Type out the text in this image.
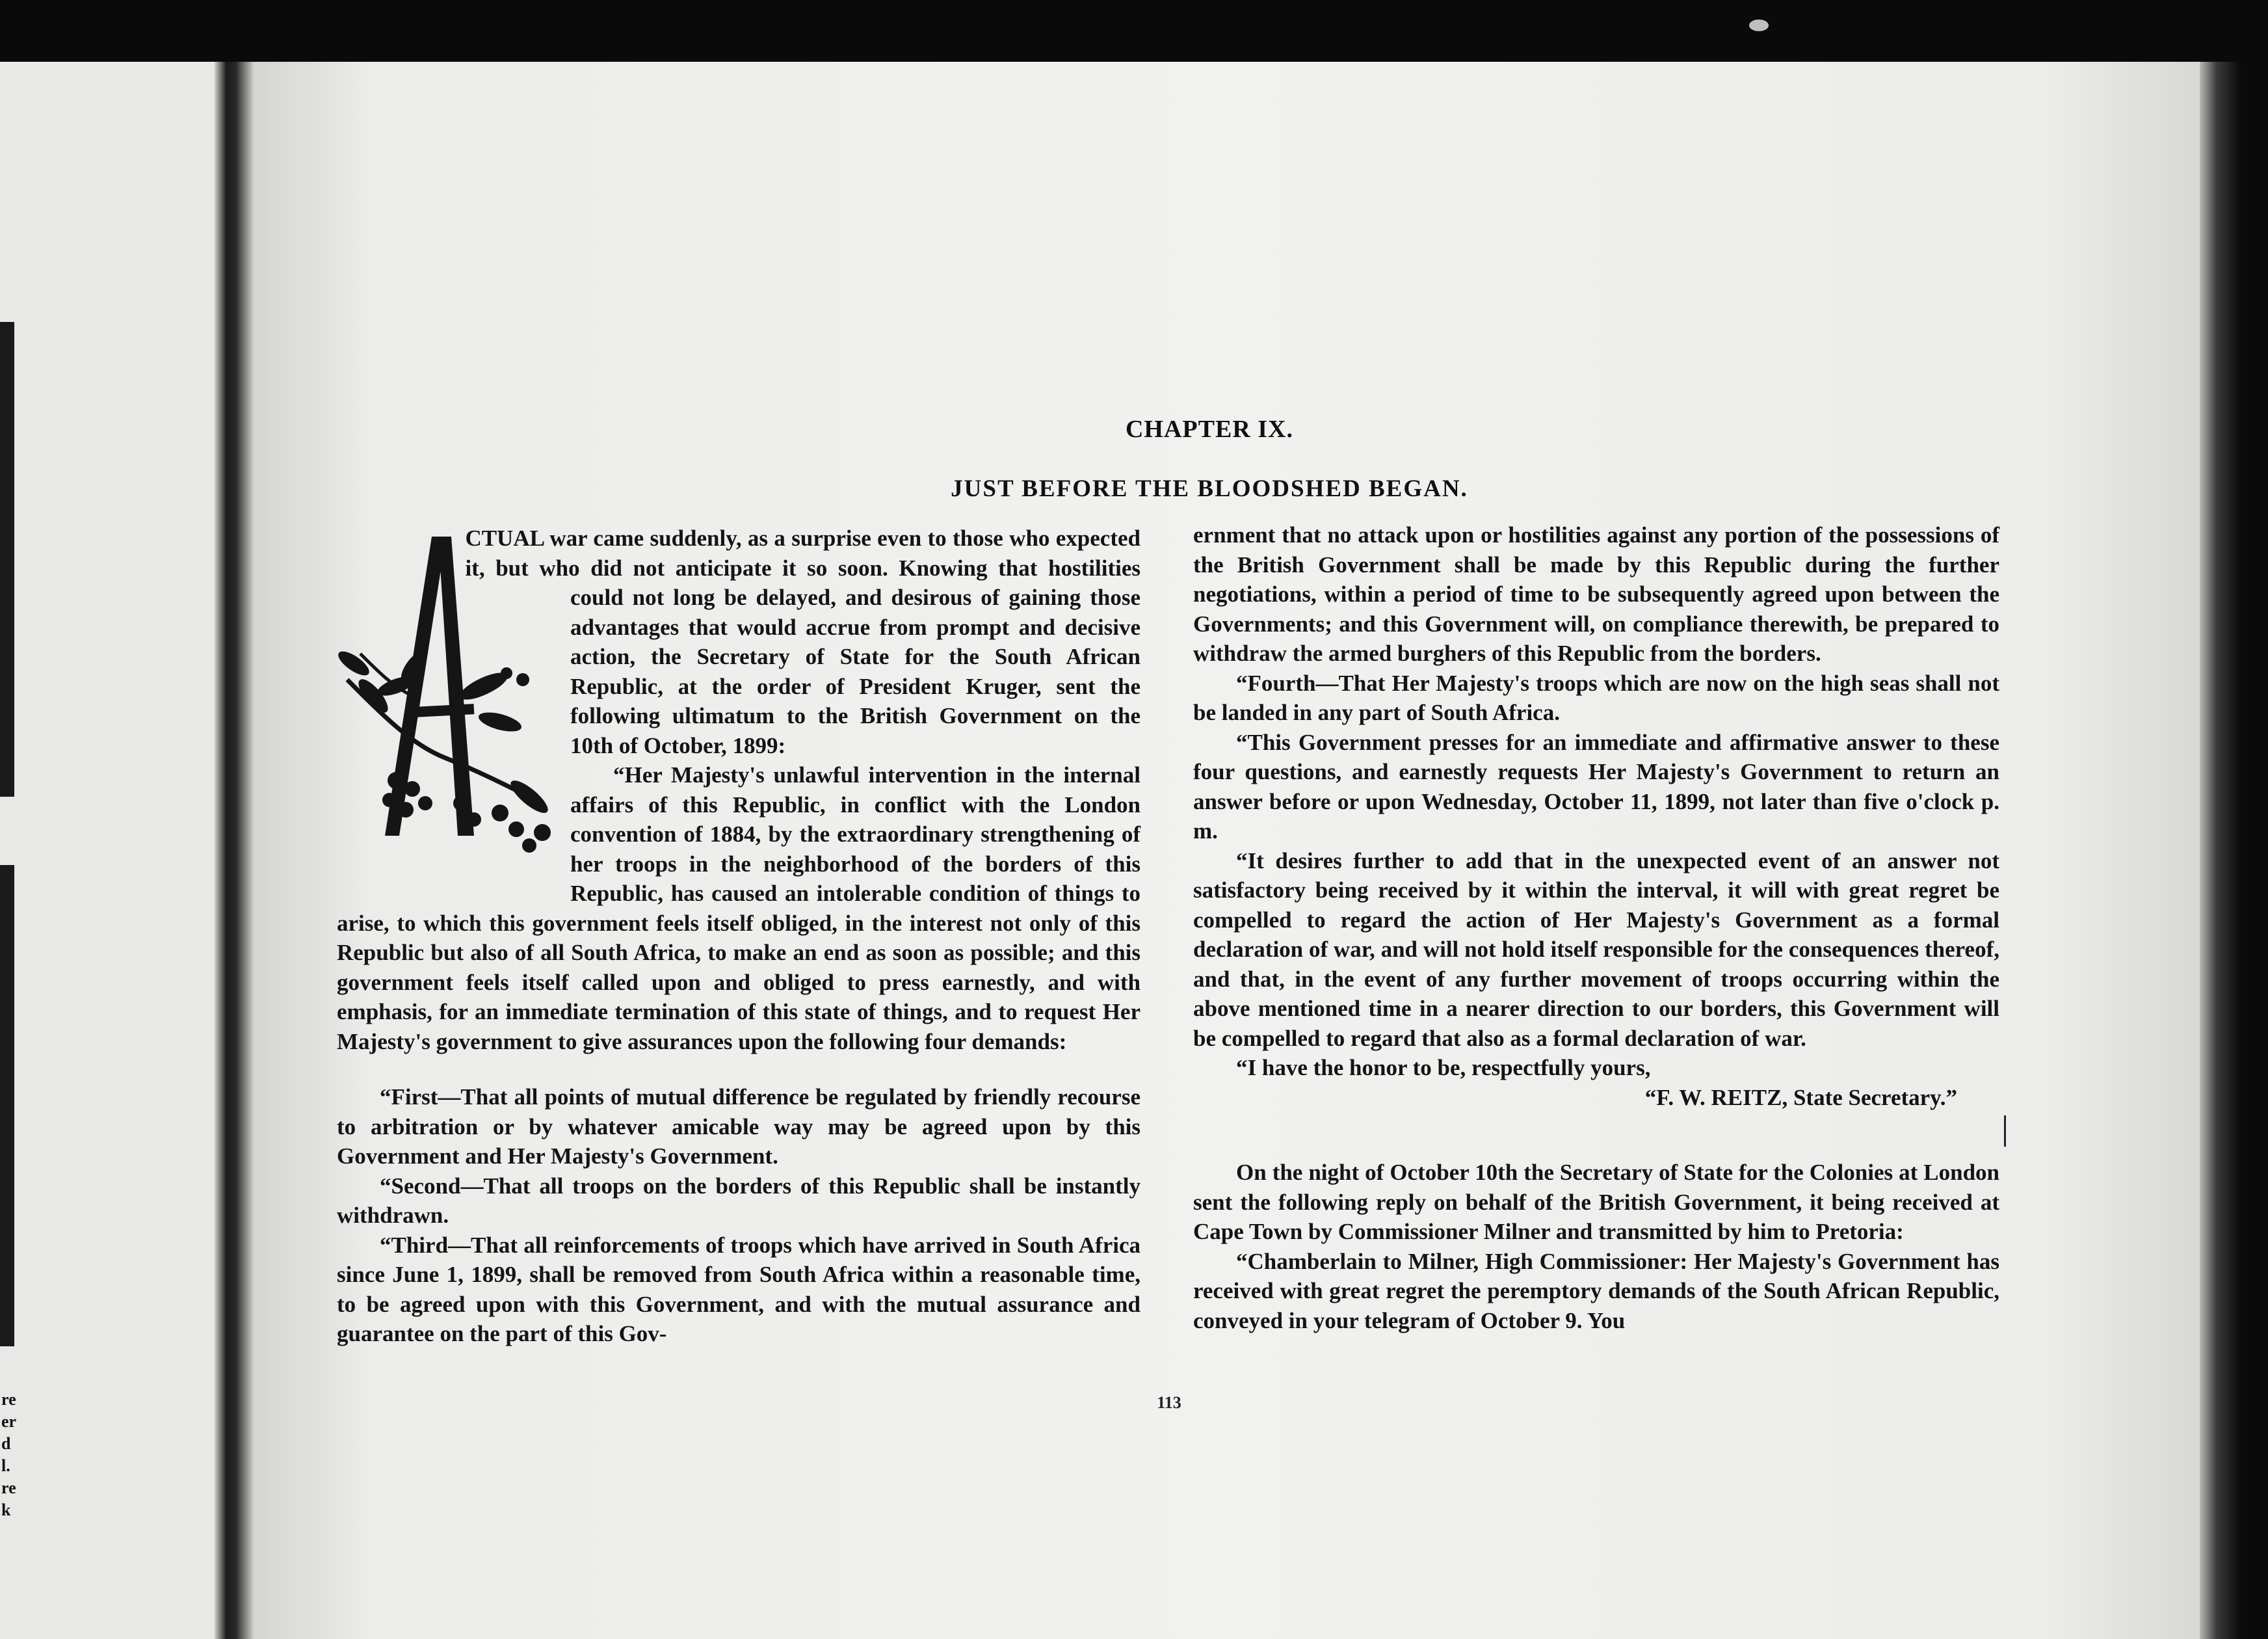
re
er
d
l.
re
k
CHAPTER IX.
JUST BEFORE THE BLOODSHED BEGAN.

CTUAL war came suddenly, as a surprise even to those who expected it, but who did not anticipate it so soon. Knowing that hostilities could not long be delayed, and desirous of gaining those advantages that would accrue from prompt and decisive action, the Secretary of State for the South African Republic, at the order of President Kruger, sent the following ultimatum to the British Government on the 10th of October, 1899:

“Her Majesty's unlawful intervention in the internal affairs of this Republic, in conflict with the London convention of 1884, by the extraordinary strengthening of her troops in the neighborhood of the borders of this Republic, has caused an intolerable condition of things to arise, to which this government feels itself obliged, in the interest not only of this Republic but also of all South Africa, to make an end as soon as possible; and this government feels itself called upon and obliged to press earnestly, and with emphasis, for an immediate termination of this state of things, and to request Her Majesty's government to give assurances upon the following four demands:

“First—That all points of mutual difference be regulated by friendly recourse to arbitration or by whatever amicable way may be agreed upon by this Government and Her Majesty's Government.

“Second—That all troops on the borders of this Republic shall be instantly withdrawn.

“Third—That all reinforcements of troops which have arrived in South Africa since June 1, 1899, shall be removed from South Africa within a reasonable time, to be agreed upon with this Government, and with the mutual assurance and guarantee on the part of this Gov-

ernment that no attack upon or hostilities against any portion of the possessions of the British Government shall be made by this Republic during the further negotiations, within a period of time to be subsequently agreed upon between the Governments; and this Government will, on compliance therewith, be prepared to withdraw the armed burghers of this Republic from the borders.

“Fourth—That Her Majesty's troops which are now on the high seas shall not be landed in any part of South Africa.

“This Government presses for an immediate and affirmative answer to these four questions, and earnestly requests Her Majesty's Government to return an answer before or upon Wednesday, October 11, 1899, not later than five o'clock p. m.

“It desires further to add that in the unexpected event of an answer not satisfactory being received by it within the interval, it will with great regret be compelled to regard the action of Her Majesty's Government as a formal declaration of war, and will not hold itself responsible for the consequences thereof, and that, in the event of any further movement of troops occurring within the above mentioned time in a nearer direction to our borders, this Government will be compelled to regard that also as a formal declaration of war.

“I have the honor to be, respectfully yours,

“F. W. REITZ, State Secretary.”

On the night of October 10th the Secretary of State for the Colonies at London sent the following reply on behalf of the British Government, it being received at Cape Town by Commissioner Milner and transmitted by him to Pretoria:

“Chamberlain to Milner, High Commissioner: Her Majesty's Government has received with great regret the peremptory demands of the South African Republic, conveyed in your telegram of October 9. You

113
